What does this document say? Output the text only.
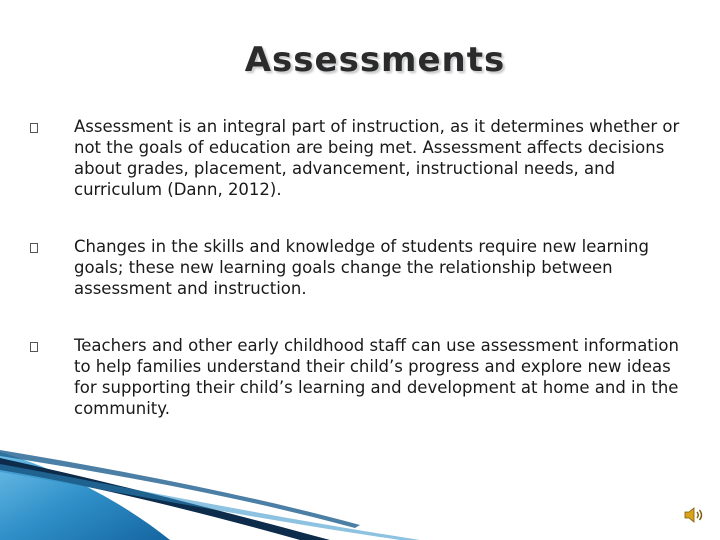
Assessments
Assessment is an integral part of instruction, as it determines whether or not the goals of education are being met. Assessment affects decisions about grades, placement, advancement, instructional needs, and curriculum (Dann, 2012).
Changes in the skills and knowledge of students require new learning goals; these new learning goals change the relationship between assessment and instruction.
Teachers and other early childhood staff can use assessment information to help families understand their child’s progress and explore new ideas for supporting their child’s learning and development at home and in the community.
